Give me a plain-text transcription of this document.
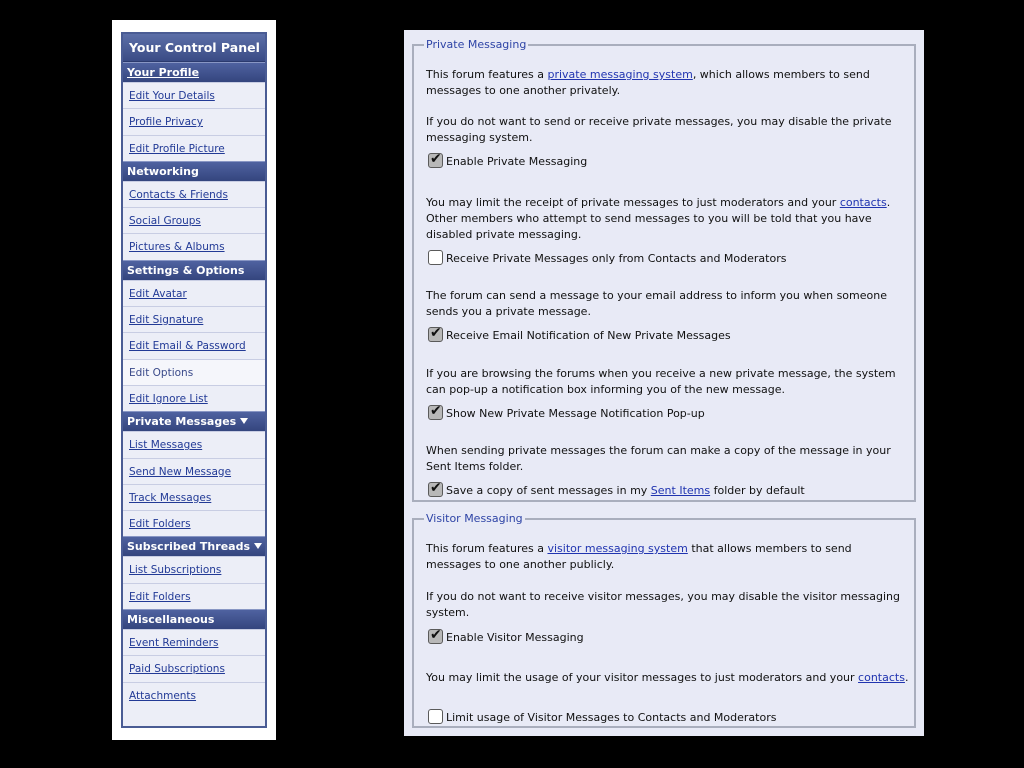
Your Control Panel
Your Profile
Edit Your Details
Profile Privacy
Edit Profile Picture
Networking
Contacts & Friends
Social Groups
Pictures & Albums
Settings & Options
Edit Avatar
Edit Signature
Edit Email & Password
Edit Options
Edit Ignore List
Private Messages
List Messages
Send New Message
Track Messages
Edit Folders
Subscribed Threads
List Subscriptions
Edit Folders
Miscellaneous
Event Reminders
Paid Subscriptions
Attachments
Private Messaging
This forum features a private messaging system, which allows members to send messages to one another privately.
If you do not want to send or receive private messages, you may disable the private messaging system.
✔Enable Private Messaging
You may limit the receipt of private messages to just moderators and your contacts. Other members who attempt to send messages to you will be told that you have disabled private messaging.
Receive Private Messages only from Contacts and Moderators
The forum can send a message to your email address to inform you when someone sends you a private message.
✔Receive Email Notification of New Private Messages
If you are browsing the forums when you receive a new private message, the system can pop-up a notification box informing you of the new message.
✔Show New Private Message Notification Pop-up
When sending private messages the forum can make a copy of the message in your Sent Items folder.
✔Save a copy of sent messages in my Sent Items folder by default
Visitor Messaging
This forum features a visitor messaging system that allows members to send messages to one another publicly.
If you do not want to receive visitor messages, you may disable the visitor messaging system.
✔Enable Visitor Messaging
You may limit the usage of your visitor messages to just moderators and your contacts.
Limit usage of Visitor Messages to Contacts and Moderators
